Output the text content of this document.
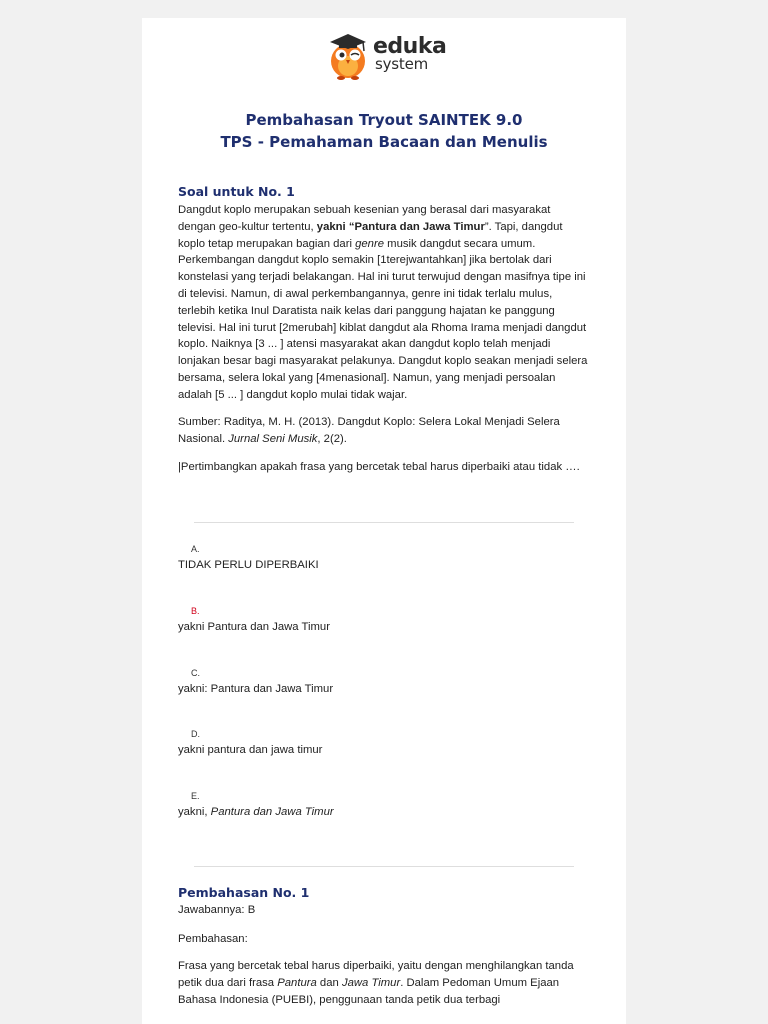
eduka
system
Pembahasan Tryout SAINTEK 9.0
TPS - Pemahaman Bacaan dan Menulis
Soal untuk No. 1

Dangdut koplo merupakan sebuah kesenian yang berasal dari masyarakat dengan geo-kultur tertentu, yakni “Pantura dan Jawa Timur”. Tapi, dangdut koplo tetap merupakan bagian dari genre musik dangdut secara umum. Perkembangan dangdut koplo semakin [1terejwantahkan] jika bertolak dari konstelasi yang terjadi belakangan. Hal ini turut terwujud dengan masifnya tipe ini di televisi. Namun, di awal perkembangannya, genre ini tidak terlalu mulus, terlebih ketika Inul Daratista naik kelas dari panggung hajatan ke panggung televisi. Hal ini turut [2merubah] kiblat dangdut ala Rhoma Irama menjadi dangdut koplo. Naiknya [3 ... ] atensi masyarakat akan dangdut koplo telah menjadi lonjakan besar bagi masyarakat pelakunya. Dangdut koplo seakan menjadi selera bersama, selera lokal yang [4menasional]. Namun, yang menjadi persoalan adalah [5 ... ] dangdut koplo mulai tidak wajar.

Sumber: Raditya, M. H. (2013). Dangdut Koplo: Selera Lokal Menjadi Selera Nasional. Jurnal Seni Musik, 2(2).

|Pertimbangkan apakah frasa yang bercetak tebal harus diperbaiki atau tidak ….
A.
TIDAK PERLU DIPERBAIKI
B.
yakni Pantura dan Jawa Timur
C.
yakni: Pantura dan Jawa Timur
D.
yakni pantura dan jawa timur
E.
yakni, Pantura dan Jawa Timur
Pembahasan No. 1
Jawabannya: B
Pembahasan:

Frasa yang bercetak tebal harus diperbaiki, yaitu dengan menghilangkan tanda petik dua dari frasa Pantura dan Jawa Timur. Dalam Pedoman Umum Ejaan Bahasa Indonesia (PUEBI), penggunaan tanda petik dua terbagi
